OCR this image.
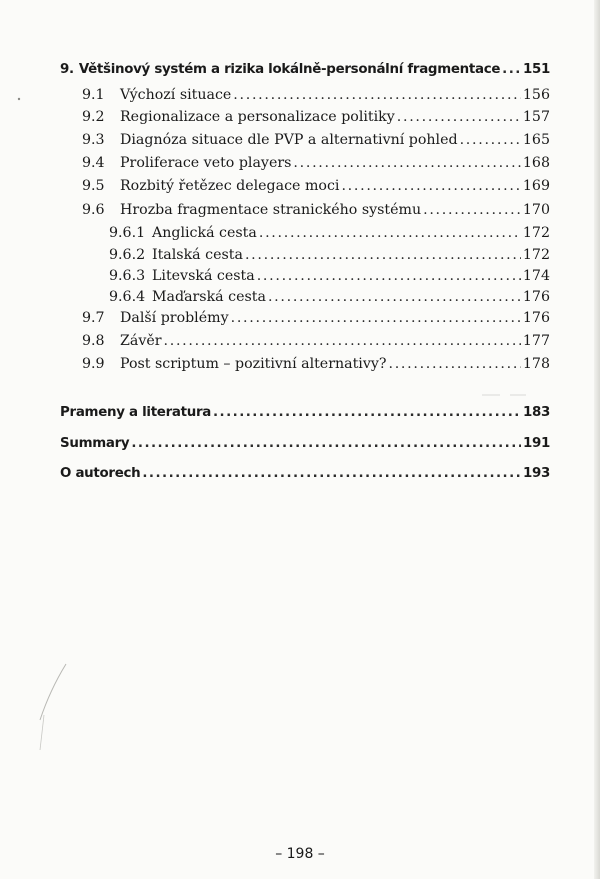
9. Většinový systém a rizika lokálně-personální fragmentace . . . 151
9.1	Výchozí situace . . .	156
9.2	Regionalizace a personalizace politiky . . .	157
9.3	Diagnóza situace dle PVP a alternativní pohled . . .	165
9.4	Proliferace veto players . . .	168
9.5	Rozbitý řetězec delegace moci . . .	169
9.6	Hrozba fragmentace stranického systému . . .	170
9.6.1 Anglická cesta . . .	172
9.6.2 Italská cesta . . .	172
9.6.3 Litevská cesta . . .	174
9.6.4 Maďarská cesta . . .	176
9.7	Další problémy . . .	176
9.8	Závěr . . .	177
9.9	Post scriptum – pozitivní alternativy? . . .	178
Prameny a literatura . . .	183
Summary . . .	191
O autorech . . .	193
– 198 –
